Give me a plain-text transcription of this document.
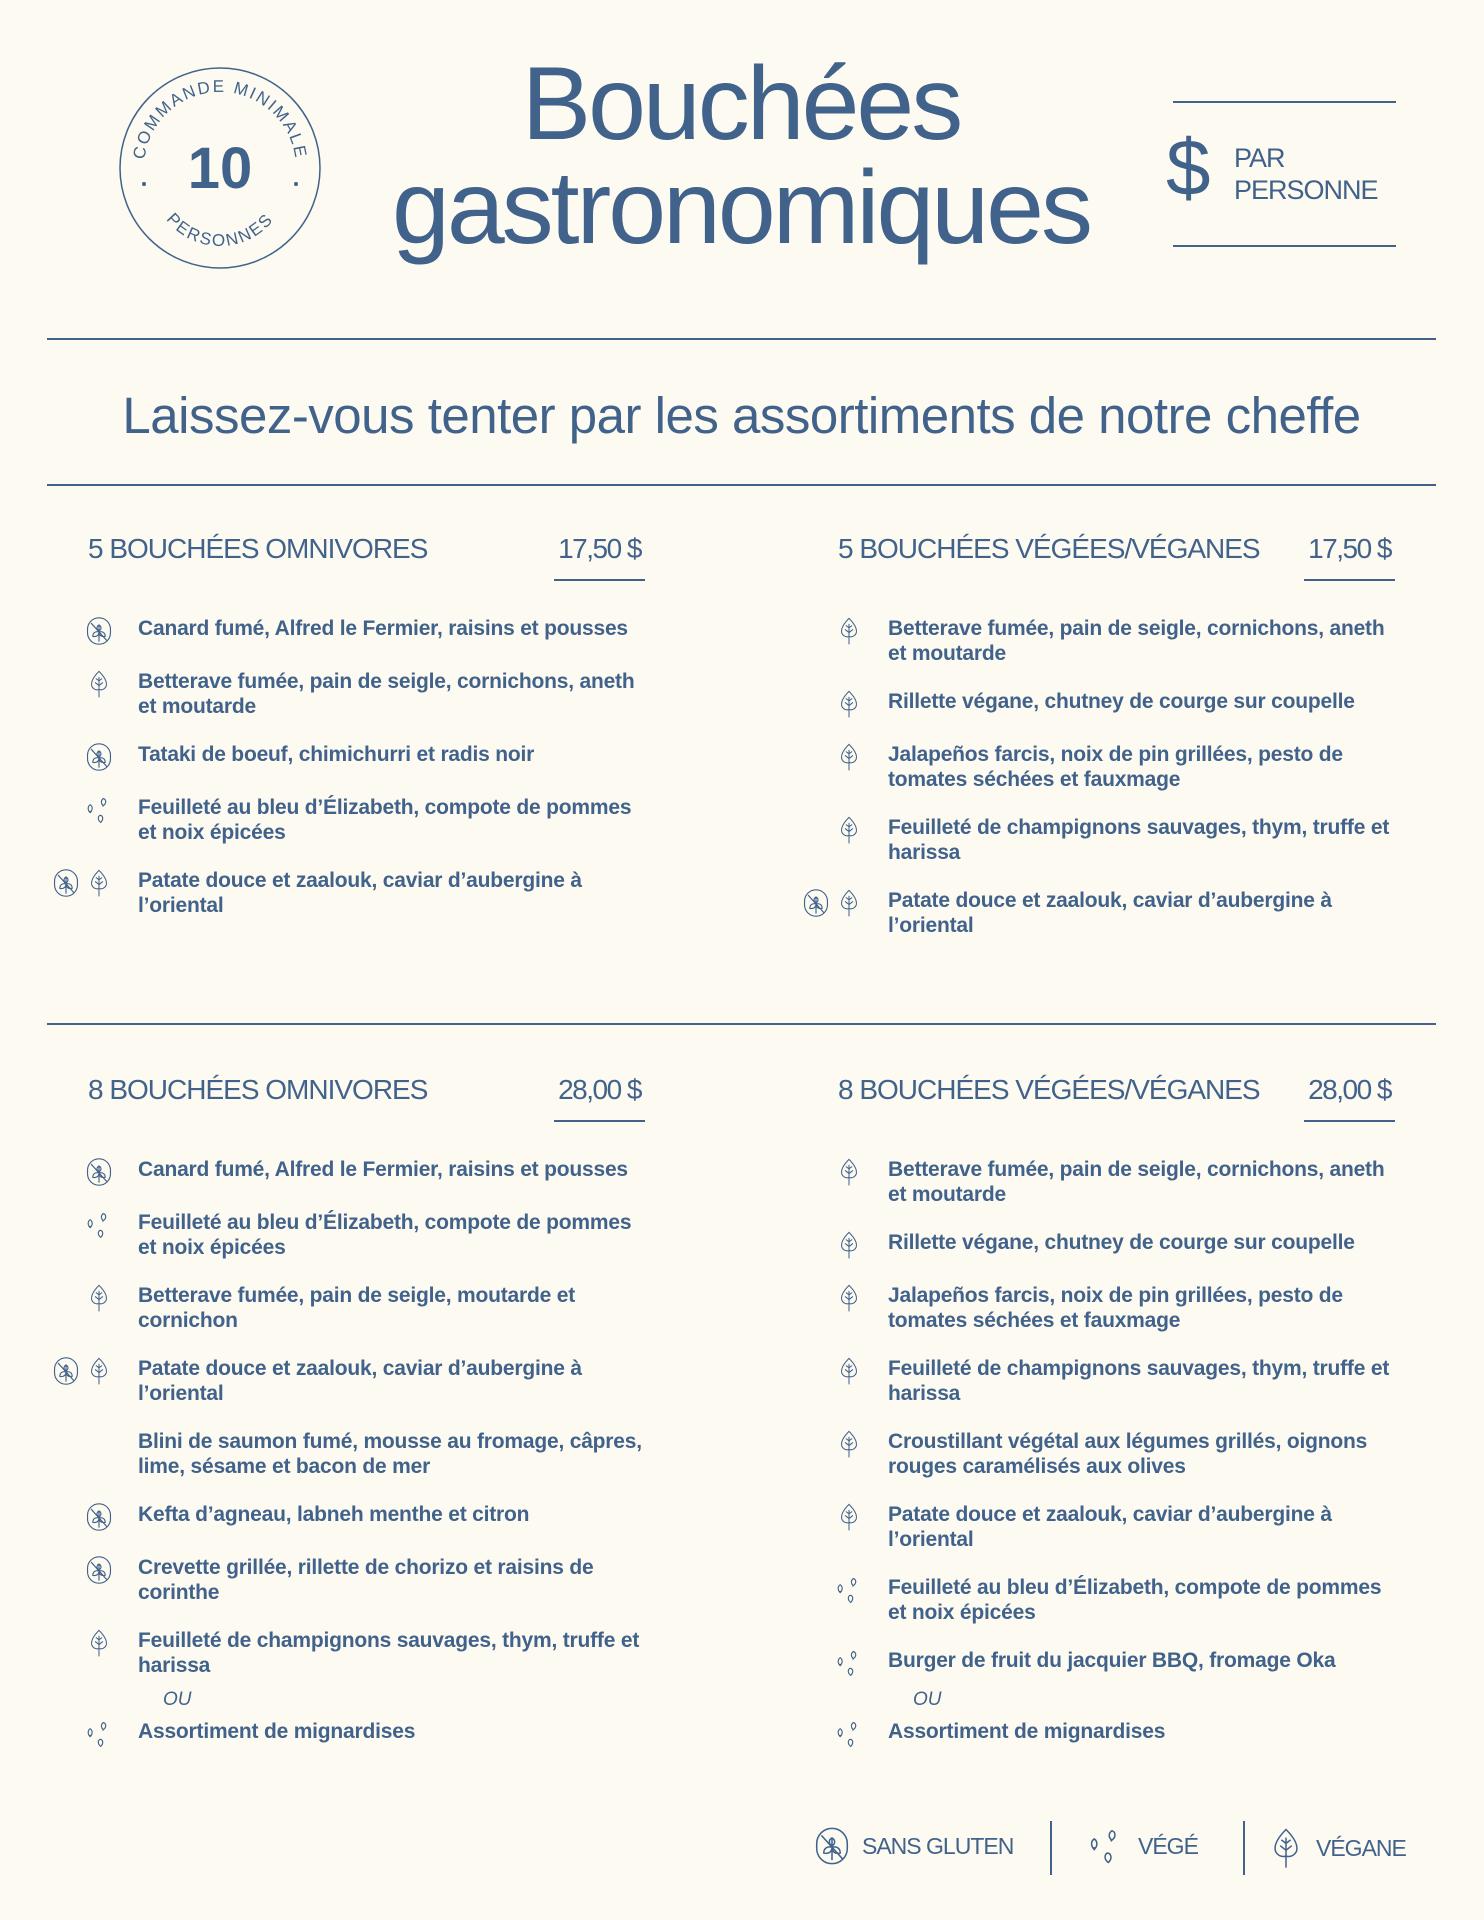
COMMANDE MINIMALE
PERSONNES
10
Bouchées
gastronomiques $ PAR
PERSONNE
Laissez-vous tenter par les assortiments de notre cheffe
5 BOUCHÉES OMNIVORES	17,50 $
Canard fumé, Alfred le Fermier, raisins et pousses
Betterave fumée, pain de seigle, cornichons, aneth et moutarde
Tataki de boeuf, chimichurri et radis noir
Feuilleté au bleu d’Élizabeth, compote de pommes et noix épicées
Patate douce et zaalouk, caviar d’aubergine à l’oriental
5 BOUCHÉES VÉGÉES/VÉGANES 17,50 $
Betterave fumée, pain de seigle, cornichons, aneth et moutarde
Rillette végane, chutney de courge sur coupelle
Jalapeños farcis, noix de pin grillées, pesto de tomates séchées et fauxmage
Feuilleté de champignons sauvages, thym, truffe et harissa
Patate douce et zaalouk, caviar d’aubergine à l’oriental
8 BOUCHÉES OMNIVORES	28,00 $
Canard fumé, Alfred le Fermier, raisins et pousses
Feuilleté au bleu d’Élizabeth, compote de pommes et noix épicées
Betterave fumée, pain de seigle, moutarde et cornichon
Patate douce et zaalouk, caviar d’aubergine à l’oriental
Blini de saumon fumé, mousse au fromage, câpres, lime, sésame et bacon de mer
Kefta d’agneau, labneh menthe et citron
Crevette grillée, rillette de chorizo et raisins de corinthe
Feuilleté de champignons sauvages, thym, truffe et harissa
OU
Assortiment de mignardises
8 BOUCHÉES VÉGÉES/VÉGANES 28,00 $
Betterave fumée, pain de seigle, cornichons, aneth et moutarde
Rillette végane, chutney de courge sur coupelle
Jalapeños farcis, noix de pin grillées, pesto de tomates séchées et fauxmage
Feuilleté de champignons sauvages, thym, truffe et harissa
Croustillant végétal aux légumes grillés, oignons rouges caramélisés aux olives
Patate douce et zaalouk, caviar d’aubergine à l’oriental
Feuilleté au bleu d’Élizabeth, compote de pommes et noix épicées
Burger de fruit du jacquier BBQ, fromage Oka
OU
Assortiment de mignardises
SANS GLUTEN	VÉGÉ	VÉGANE
